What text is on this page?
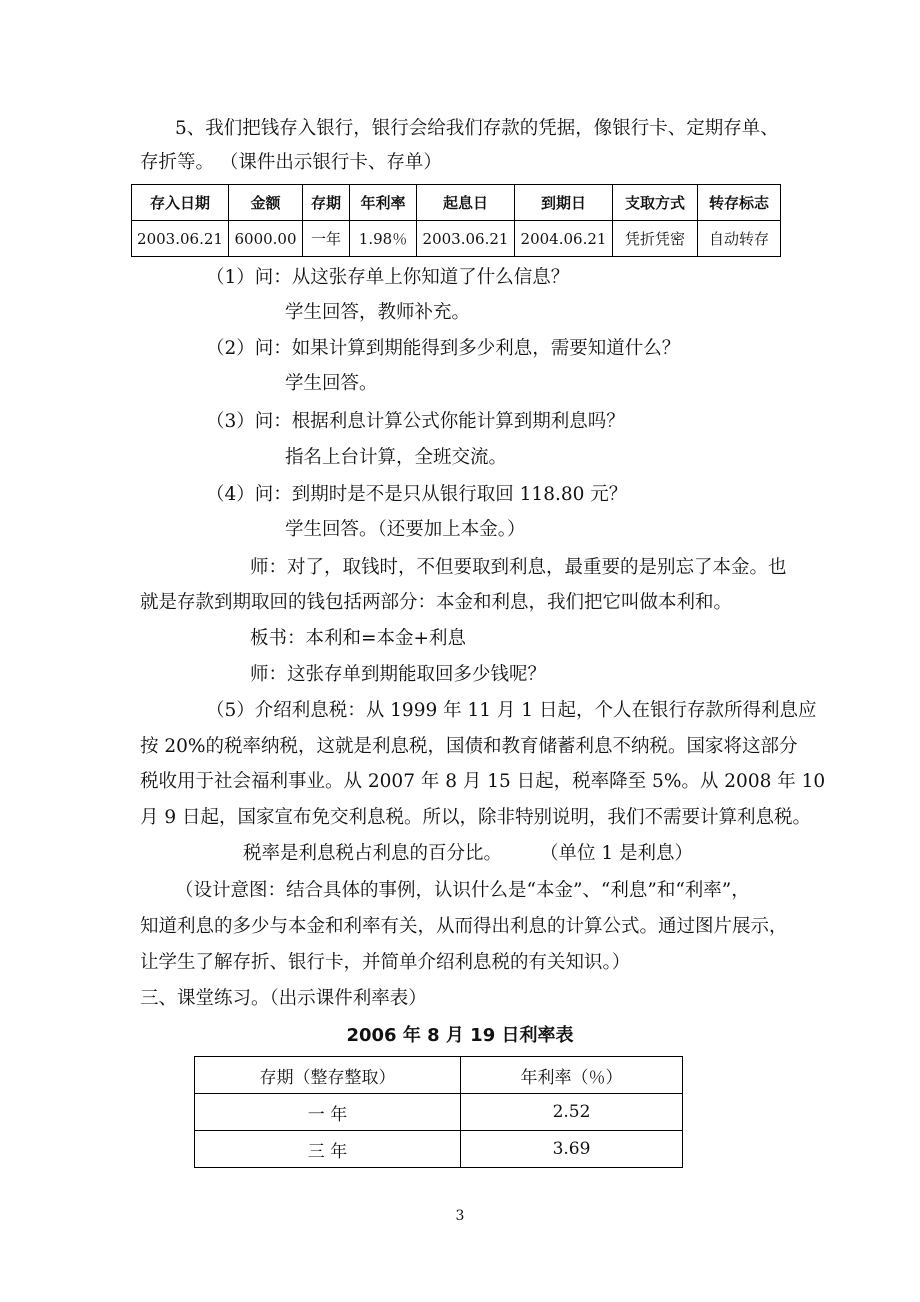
5、我们把钱存入银行，银行会给我们存款的凭据，像银行卡、定期存单、
存折等。 （课件出示银行卡、存单）
存入日期	金额	存期	年利率	起息日	到期日	支取方式	转存标志
2003.06.21	6000.00	一年	1.98％	2003.06.21	2004.06.21	凭折凭密	自动转存
（1）问：从这张存单上你知道了什么信息？
学生回答，教师补充。
（2）问：如果计算到期能得到多少利息，需要知道什么？
学生回答。
（3）问：根据利息计算公式你能计算到期利息吗？
指名上台计算，全班交流。
（4）问：到期时是不是只从银行取回 118.80 元？
学生回答。（还要加上本金。）
师：对了，取钱时，不但要取到利息，最重要的是别忘了本金。也
就是存款到期取回的钱包括两部分：本金和利息，我们把它叫做本利和。
板书：本利和=本金+利息
师：这张存单到期能取回多少钱呢？
（5）介绍利息税：从 1999 年 11 月 1 日起，个人在银行存款所得利息应
按 20%的税率纳税，这就是利息税，国债和教育储蓄利息不纳税。国家将这部分
税收用于社会福利事业。从 2007 年 8 月 15 日起，税率降至 5%。从 2008 年 10
月 9 日起，国家宣布免交利息税。所以，除非特别说明，我们不需要计算利息税。
税率是利息税占利息的百分比。 （单位 1 是利息）
（设计意图：结合具体的事例，认识什么是“本金”、“利息”和“利率”，
知道利息的多少与本金和利率有关，从而得出利息的计算公式。通过图片展示，
让学生了解存折、银行卡，并简单介绍利息税的有关知识。）
三、课堂练习。（出示课件利率表）
2006 年 8 月 19 日利率表
存期（整存整取）	年利率（％）
一 年	2.52
三 年	3.69
3
